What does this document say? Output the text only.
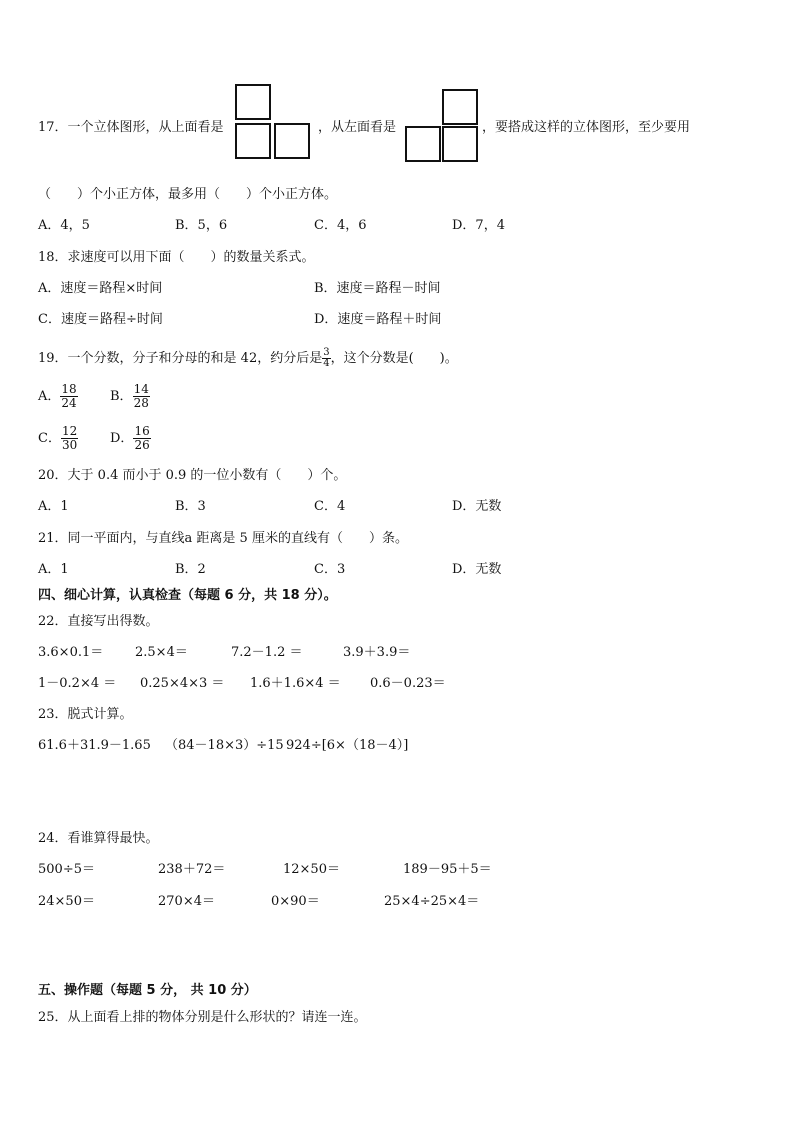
17．一个立体图形，从上面看是	，从左面看是	，要搭成这样的立体图形，至少要用
（　　）个小正方体，最多用（　　）个小正方体。
A．4，5	B．5，6	C．4，6	D．7，4
18．求速度可以用下面（　　）的数量关系式。
A．速度＝路程×时间	B．速度＝路程－时间
C．速度＝路程÷时间	D．速度＝路程＋时间
19．一个分数，分子和分母的和是 42，约分后是 $\frac{3}{4}$ ，这个分数是(　　)。
A． $\frac{18}{24}$ B． $\frac{14}{28}$
C． $\frac{12}{30}$ D． $\frac{16}{26}$
20．大于 0.4 而小于 0.9 的一位小数有（　　）个。
A．1	B．3	C．4	D．无数
21．同一平面内，与直线a 距离是 5 厘米的直线有（　　）条。
A．1	B．2	C．3	D．无数
四、细心计算，认真检查（每题 6 分，共 18 分）。
22．直接写出得数。
3.6×0.1＝ 2.5×4＝	7.2－1.2 ＝	3.9＋3.9＝
1－0.2×4 ＝ 0.25×4×3 ＝ 1.6＋1.6×4 ＝ 0.6－0.23＝
23．脱式计算。
61.6＋31.9－1.65 （84－18×3）÷15 924÷[6×（18－4）]
24．看谁算得最快。
500÷5＝	238＋72＝	12×50＝	189－95＋5＝
24×50＝	270×4＝	0×90＝	25×4÷25×4＝
五、操作题（每题 5 分， 共 10 分）
25．从上面看上排的物体分别是什么形状的？请连一连。
